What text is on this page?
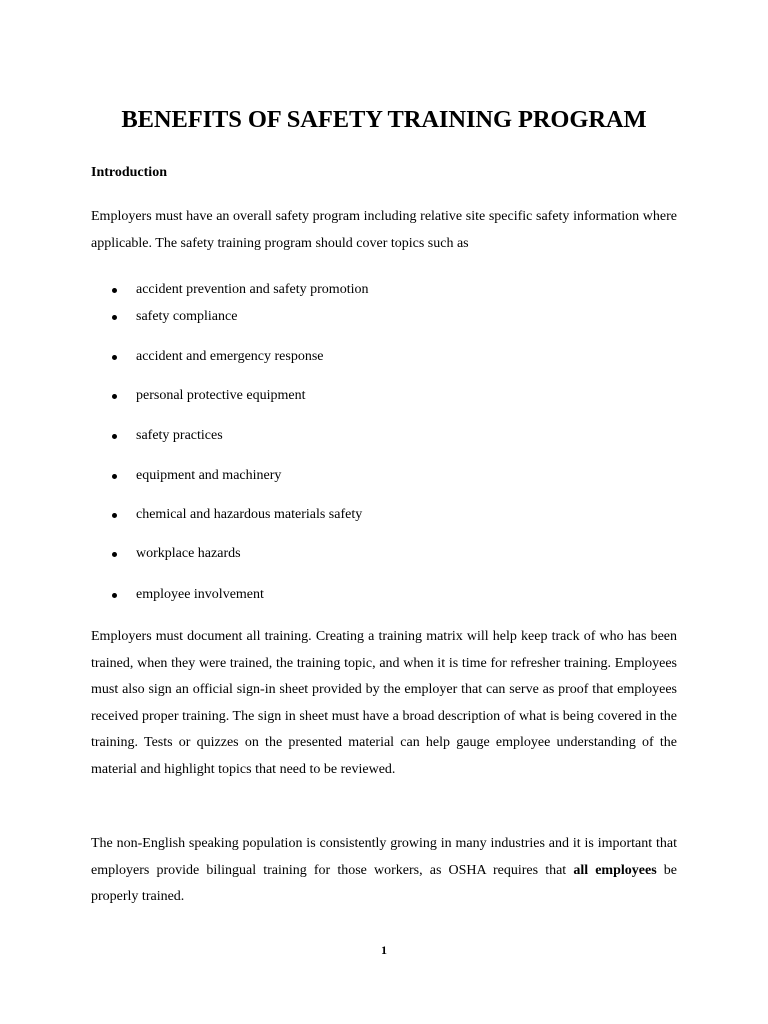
BENEFITS OF SAFETY TRAINING PROGRAM
Introduction

Employers must have an overall safety program including relative site specific safety information where applicable. The safety training program should cover topics such as

accident prevention and safety promotion
safety compliance
accident and emergency response
personal protective equipment
safety practices
equipment and machinery
chemical and hazardous materials safety
workplace hazards
employee involvement

Employers must document all training. Creating a training matrix will help keep track of who has been trained, when they were trained, the training topic, and when it is time for refresher training. Employees must also sign an official sign-in sheet provided by the employer that can serve as proof that employees received proper training. The sign in sheet must have a broad description of what is being covered in the training. Tests or quizzes on the presented material can help gauge employee understanding of the material and highlight topics that need to be reviewed.

The non-English speaking population is consistently growing in many industries and it is important that employers provide bilingual training for those workers, as OSHA requires that all employees be properly trained.

1
